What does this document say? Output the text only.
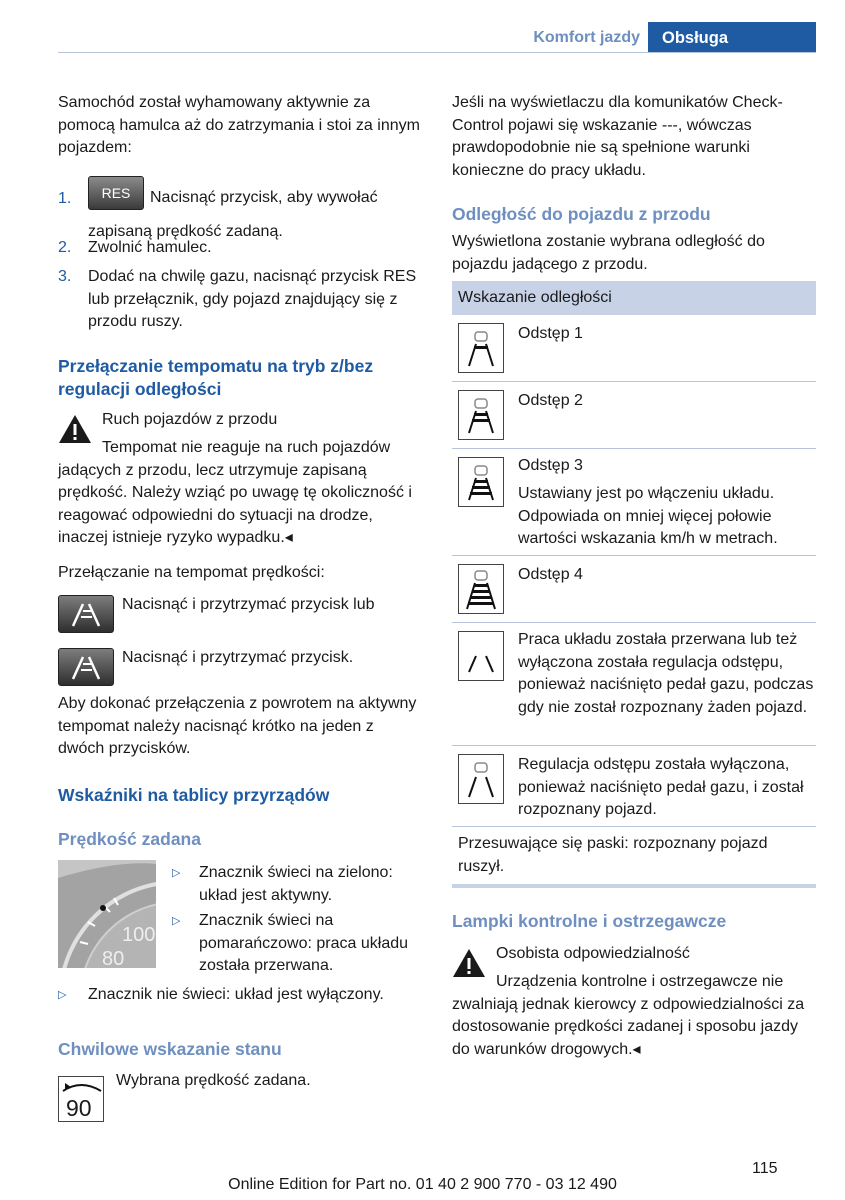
Komfort jazdy	Obsługa

Samochód został wyhamowany aktywnie za pomocą hamulca aż do zatrzymania i stoi za innym pojazdem:

1.	RES Nacisnąć przycisk, aby wywołać zapisaną prędkość zadaną.
2. Zwolnić hamulec.
3. Dodać na chwilę gazu, nacisnąć przycisk RES lub przełącznik, gdy pojazd znajdujący się z przodu ruszy.
Przełączanie tempomatu na tryb z/bez regulacji odległości

Ruch pojazdów z przodu

Tempomat nie reaguje na ruch pojazdów jadących z przodu, lecz utrzymuje zapisaną prędkość. Należy wziąć po uwagę tę okoliczność i reagować odpowiedni do sytuacji na drodze, inaczej istnieje ryzyko wypadku.◂

Przełączanie na tempomat prędkości:

Nacisnąć i przytrzymać przycisk lub

Nacisnąć i przytrzymać przycisk.

Aby dokonać przełączenia z powrotem na aktywny tempomat należy nacisnąć krótko na jeden z dwóch przycisków.

Wskaźniki na tablicy przyrządów
Prędkość zadana
100
80
▷ Znacznik świeci na zielono: układ jest aktywny.
▷ Znacznik świeci na pomarańczowo: praca układu została przerwana.
▷ Znacznik nie świeci: układ jest wyłączony.
Chwilowe wskazanie stanu
90

Wybrana prędkość zadana.

Jeśli na wyświetlaczu dla komunikatów Check-Control pojawi się wskazanie ---, wówczas prawdopodobnie nie są spełnione warunki konieczne do pracy układu.

Odległość do pojazdu z przodu

Wyświetlona zostanie wybrana odległość do pojazdu jadącego z przodu.

Wskazanie odległości
Odstęp 1
Odstęp 2
Odstęp 3
Ustawiany jest po włączeniu układu. Odpowiada on mniej więcej połowie wartości wskazania km/h w metrach.
Odstęp 4
Praca układu została przerwana lub też wyłączona została regulacja odstępu, ponieważ naciśnięto pedał gazu, podczas gdy nie został rozpoznany żaden pojazd.
Regulacja odstępu została wyłączona, ponieważ naciśnięto pedał gazu, i został rozpoznany pojazd.

Przesuwające się paski: rozpoznany pojazd ruszył.

Lampki kontrolne i ostrzegawcze

Osobista odpowiedzialność

Urządzenia kontrolne i ostrzegawcze nie zwalniają jednak kierowcy z odpowiedzialności za dostosowanie prędkości zadanej i sposobu jazdy do warunków drogowych.◂

115
Online Edition for Part no. 01 40 2 900 770 - 03 12 490
